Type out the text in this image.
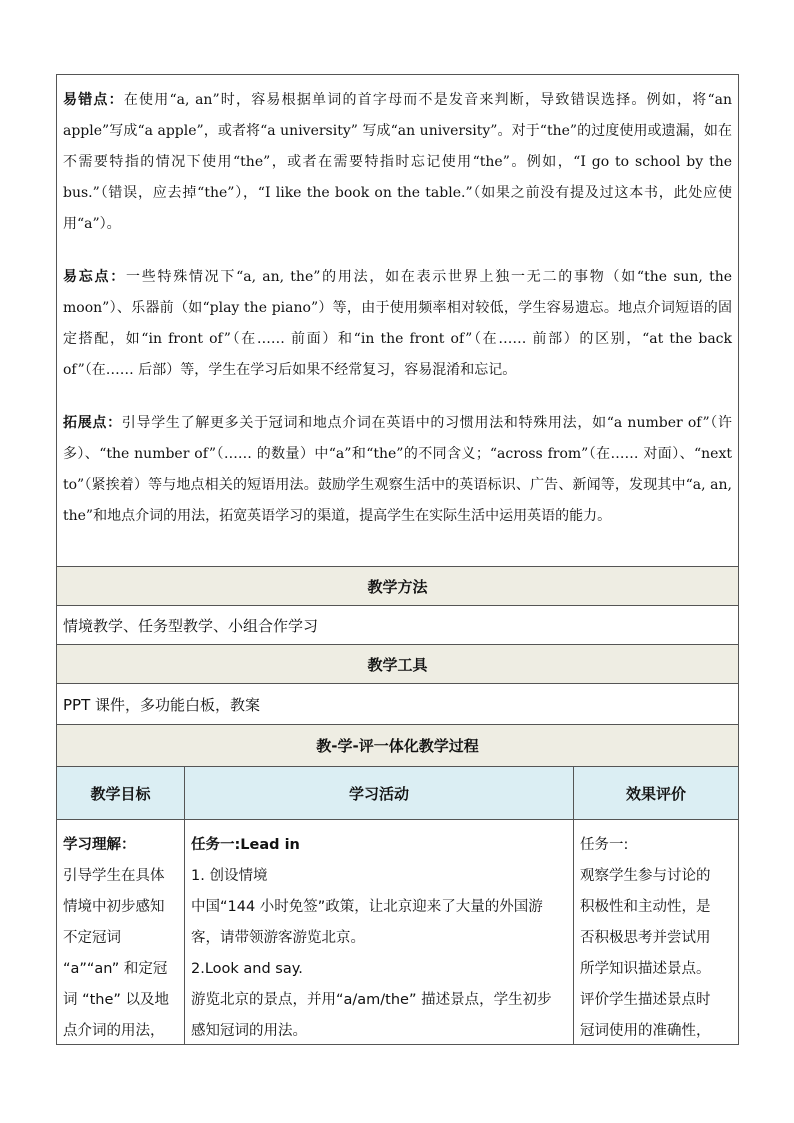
易错点：在使用“a, an”时，容易根据单词的首字母而不是发音来判断，导致错误选择。例如，将“an apple”写成“a apple”，或者将“a university” 写成“an university”。对于“the”的过度使用或遗漏，如在不需要特指的情况下使用“the”，或者在需要特指时忘记使用“the”。例如，“I go to school by the bus.”（错误，应去掉“the”），“I like the book on the table.”（如果之前没有提及过这本书，此处应使用“a”）。

易忘点：一些特殊情况下“a, an, the”的用法，如在表示世界上独一无二的事物（如“the sun, the moon”）、乐器前（如“play the piano”）等，由于使用频率相对较低，学生容易遗忘。地点介词短语的固定搭配，如“in front of”（在…… 前面）和“in the front of”（在…… 前部）的区别，“at the back of”（在…… 后部）等，学生在学习后如果不经常复习，容易混淆和忘记。

拓展点：引导学生了解更多关于冠词和地点介词在英语中的习惯用法和特殊用法，如“a number of”（许多）、“the number of”（…… 的数量）中“a”和“the”的不同含义；“across from”（在…… 对面）、“next to”（紧挨着）等与地点相关的短语用法。鼓励学生观察生活中的英语标识、广告、新闻等，发现其中“a, an, the”和地点介词的用法，拓宽英语学习的渠道，提高学生在实际生活中运用英语的能力。

教学方法
情境教学、任务型教学、小组合作学习
教学工具
PPT 课件，多功能白板，教案
教-学-评一体化教学过程
教学目标	学习活动	效果评价
学习理解：
引导学生在具体
情境中初步感知
不定冠词
“a”“an” 和定冠
词 “the” 以及地
点介词的用法，
任务一:Lead in
1. 创设情境
中国“144 小时免签”政策，让北京迎来了大量的外国游
客，请带领游客游览北京。
2.Look and say.
游览北京的景点，并用“a/am/the” 描述景点，学生初步
感知冠词的用法。
任务一:
观察学生参与讨论的
积极性和主动性，是
否积极思考并尝试用
所学知识描述景点。
评价学生描述景点时
冠词使用的准确性，
